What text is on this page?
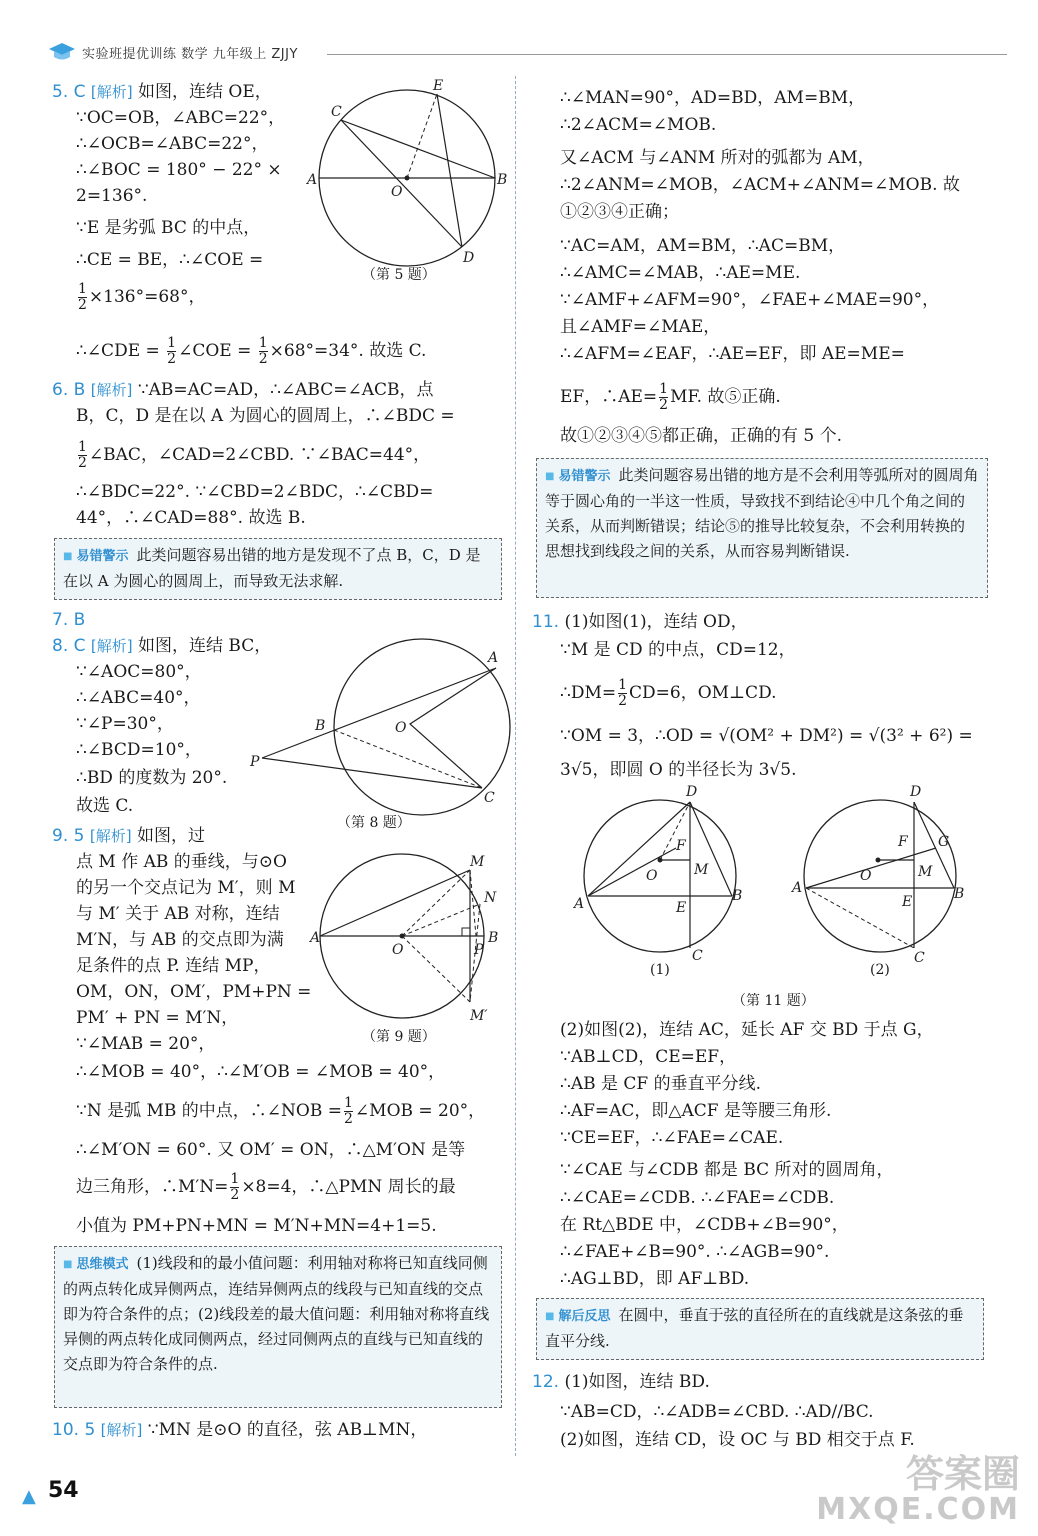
实验班提优训练 数学 九年级上 ZJJY
5. C [解析] 如图，连结 OE，
∵OC=OB，∠ABC=22°，
∴∠OCB=∠ABC=22°，
∴∠BOC = 180° − 22° ×
2=136°.
∵E 是劣弧 BC 的中点，
∴CE = BE，∴∠COE =
$\frac{1}{2} \times 136^\circ=68^\circ$，
∴∠CDE = $\frac{1}{2}$ ∠COE = $\frac{1}{2} \times 68^\circ=34^\circ$. 故选 C.
C
E
A
O
B
D
（第 5 题）
6. B [解析] ∵AB=AC=AD，∴∠ABC=∠ACB，点
B，C，D 是在以 A 为圆心的圆周上，∴∠BDC =
$\frac{1}{2}$ ∠BAC，∠CAD=2∠CBD. ∵∠BAC=44°，
∴∠BDC=22°. ∵∠CBD=2∠BDC，∴∠CBD=
44°，∴∠CAD=88°. 故选 B.
■ 易错警示 此类问题容易出错的地方是发现不了点 B，C，D 是在以 A 为圆心的圆周上，而导致无法求解.
7. B
8. C [解析] 如图，连结 BC，
∵∠AOC=80°，
∴∠ABC=40°，
∵∠P=30°，
∴∠BCD=10°，
∴BD 的度数为 20°.
故选 C.
A
O
B
P
C
（第 8 题）
9. 5 [解析] 如图，过
点 M 作 AB 的垂线，与⊙O
的另一个交点记为 M′，则 M
与 M′ 关于 AB 对称，连结
M′N，与 AB 的交点即为满
足条件的点 P. 连结 MP，
OM，ON，OM′，PM+PN =
PM′ + PN = M′N，
∵∠MAB = 20°，
∴∠MOB = 40°，∴∠M′OB = ∠MOB = 40°，
∵N 是弧 MB 的中点，∴∠NOB = $\frac{1}{2}$ ∠MOB = 20°，
∴∠M′ON = 60°. 又 OM′ = ON，∴△M′ON 是等
边三角形，∴M′N= $\frac{1}{2} \times 8=4$，∴△PMN 周长的最
小值为 PM+PN+MN = M′N+MN=4+1=5.
M
N
A
O
B
P
M′
（第 9 题）
■ 思维模式 (1)线段和的最小值问题：利用轴对称将已知直线同侧的两点转化成异侧两点，连结异侧两点的线段与已知直线的交点即为符合条件的点；(2)线段差的最大值问题：利用轴对称将直线异侧的两点转化成同侧两点，经过同侧两点的直线与已知直线的交点即为符合条件的点.
10. 5 [解析] ∵MN 是⊙O 的直径，弦 AB⊥MN，
∴∠MAN=90°，AD=BD，AM=BM，
∴2∠ACM=∠MOB.
又∠ACM 与∠ANM 所对的弧都为 AM，
∴2∠ANM=∠MOB，∠ACM+∠ANM=∠MOB. 故
①②③④正确；
∵AC=AM，AM=BM，∴AC=BM，
∴∠AMC=∠MAB，∴AE=ME.
∵∠AMF+∠AFM=90°，∠FAE+∠MAE=90°，
且∠AMF=∠MAE，
∴∠AFM=∠EAF，∴AE=EF，即 AE=ME=
EF，∴AE= $\frac{1}{2}$ MF. 故⑤正确.
故①②③④⑤都正确，正确的有 5 个.
■ 易错警示 此类问题容易出错的地方是不会利用等弧所对的圆周角等于圆心角的一半这一性质，导致找不到结论④中几个角之间的关系，从而判断错误；结论⑤的推导比较复杂，不会利用转换的思想找到线段之间的关系，从而容易判断错误.
11. (1)如图(1)，连结 OD，
∵M 是 CD 的中点，CD=12，
∴DM= $\frac{1}{2} CD=6$，OM⊥CD.
∵OM = 3，∴OD = √(OM² + DM²) = √(3² + 6²) =
3√5，即圆 O 的半径长为 3√5.
D
F
O	M
A	B
E
C
(1)
D
G
F
O	M
A	B
E
C
(2)
（第 11 题）
(2)如图(2)，连结 AC，延长 AF 交 BD 于点 G，
∵AB⊥CD，CE=EF，
∴AB 是 CF 的垂直平分线.
∴AF=AC，即△ACF 是等腰三角形.
∵CE=EF，∴∠FAE=∠CAE.
∵∠CAE 与∠CDB 都是 BC 所对的圆周角，
∴∠CAE=∠CDB. ∴∠FAE=∠CDB.
在 Rt△BDE 中，∠CDB+∠B=90°，
∴∠FAE+∠B=90°. ∴∠AGB=90°.
∴AG⊥BD，即 AF⊥BD.
■ 解后反思 在圆中，垂直于弦的直径所在的直线就是这条弦的垂直平分线.
12. (1)如图，连结 BD.
∵AB=CD，∴∠ADB=∠CBD. ∴AD//BC.
(2)如图，连结 CD，设 OC 与 BD 相交于点 F.
▲ 54	答案圈
MXQE.COM
